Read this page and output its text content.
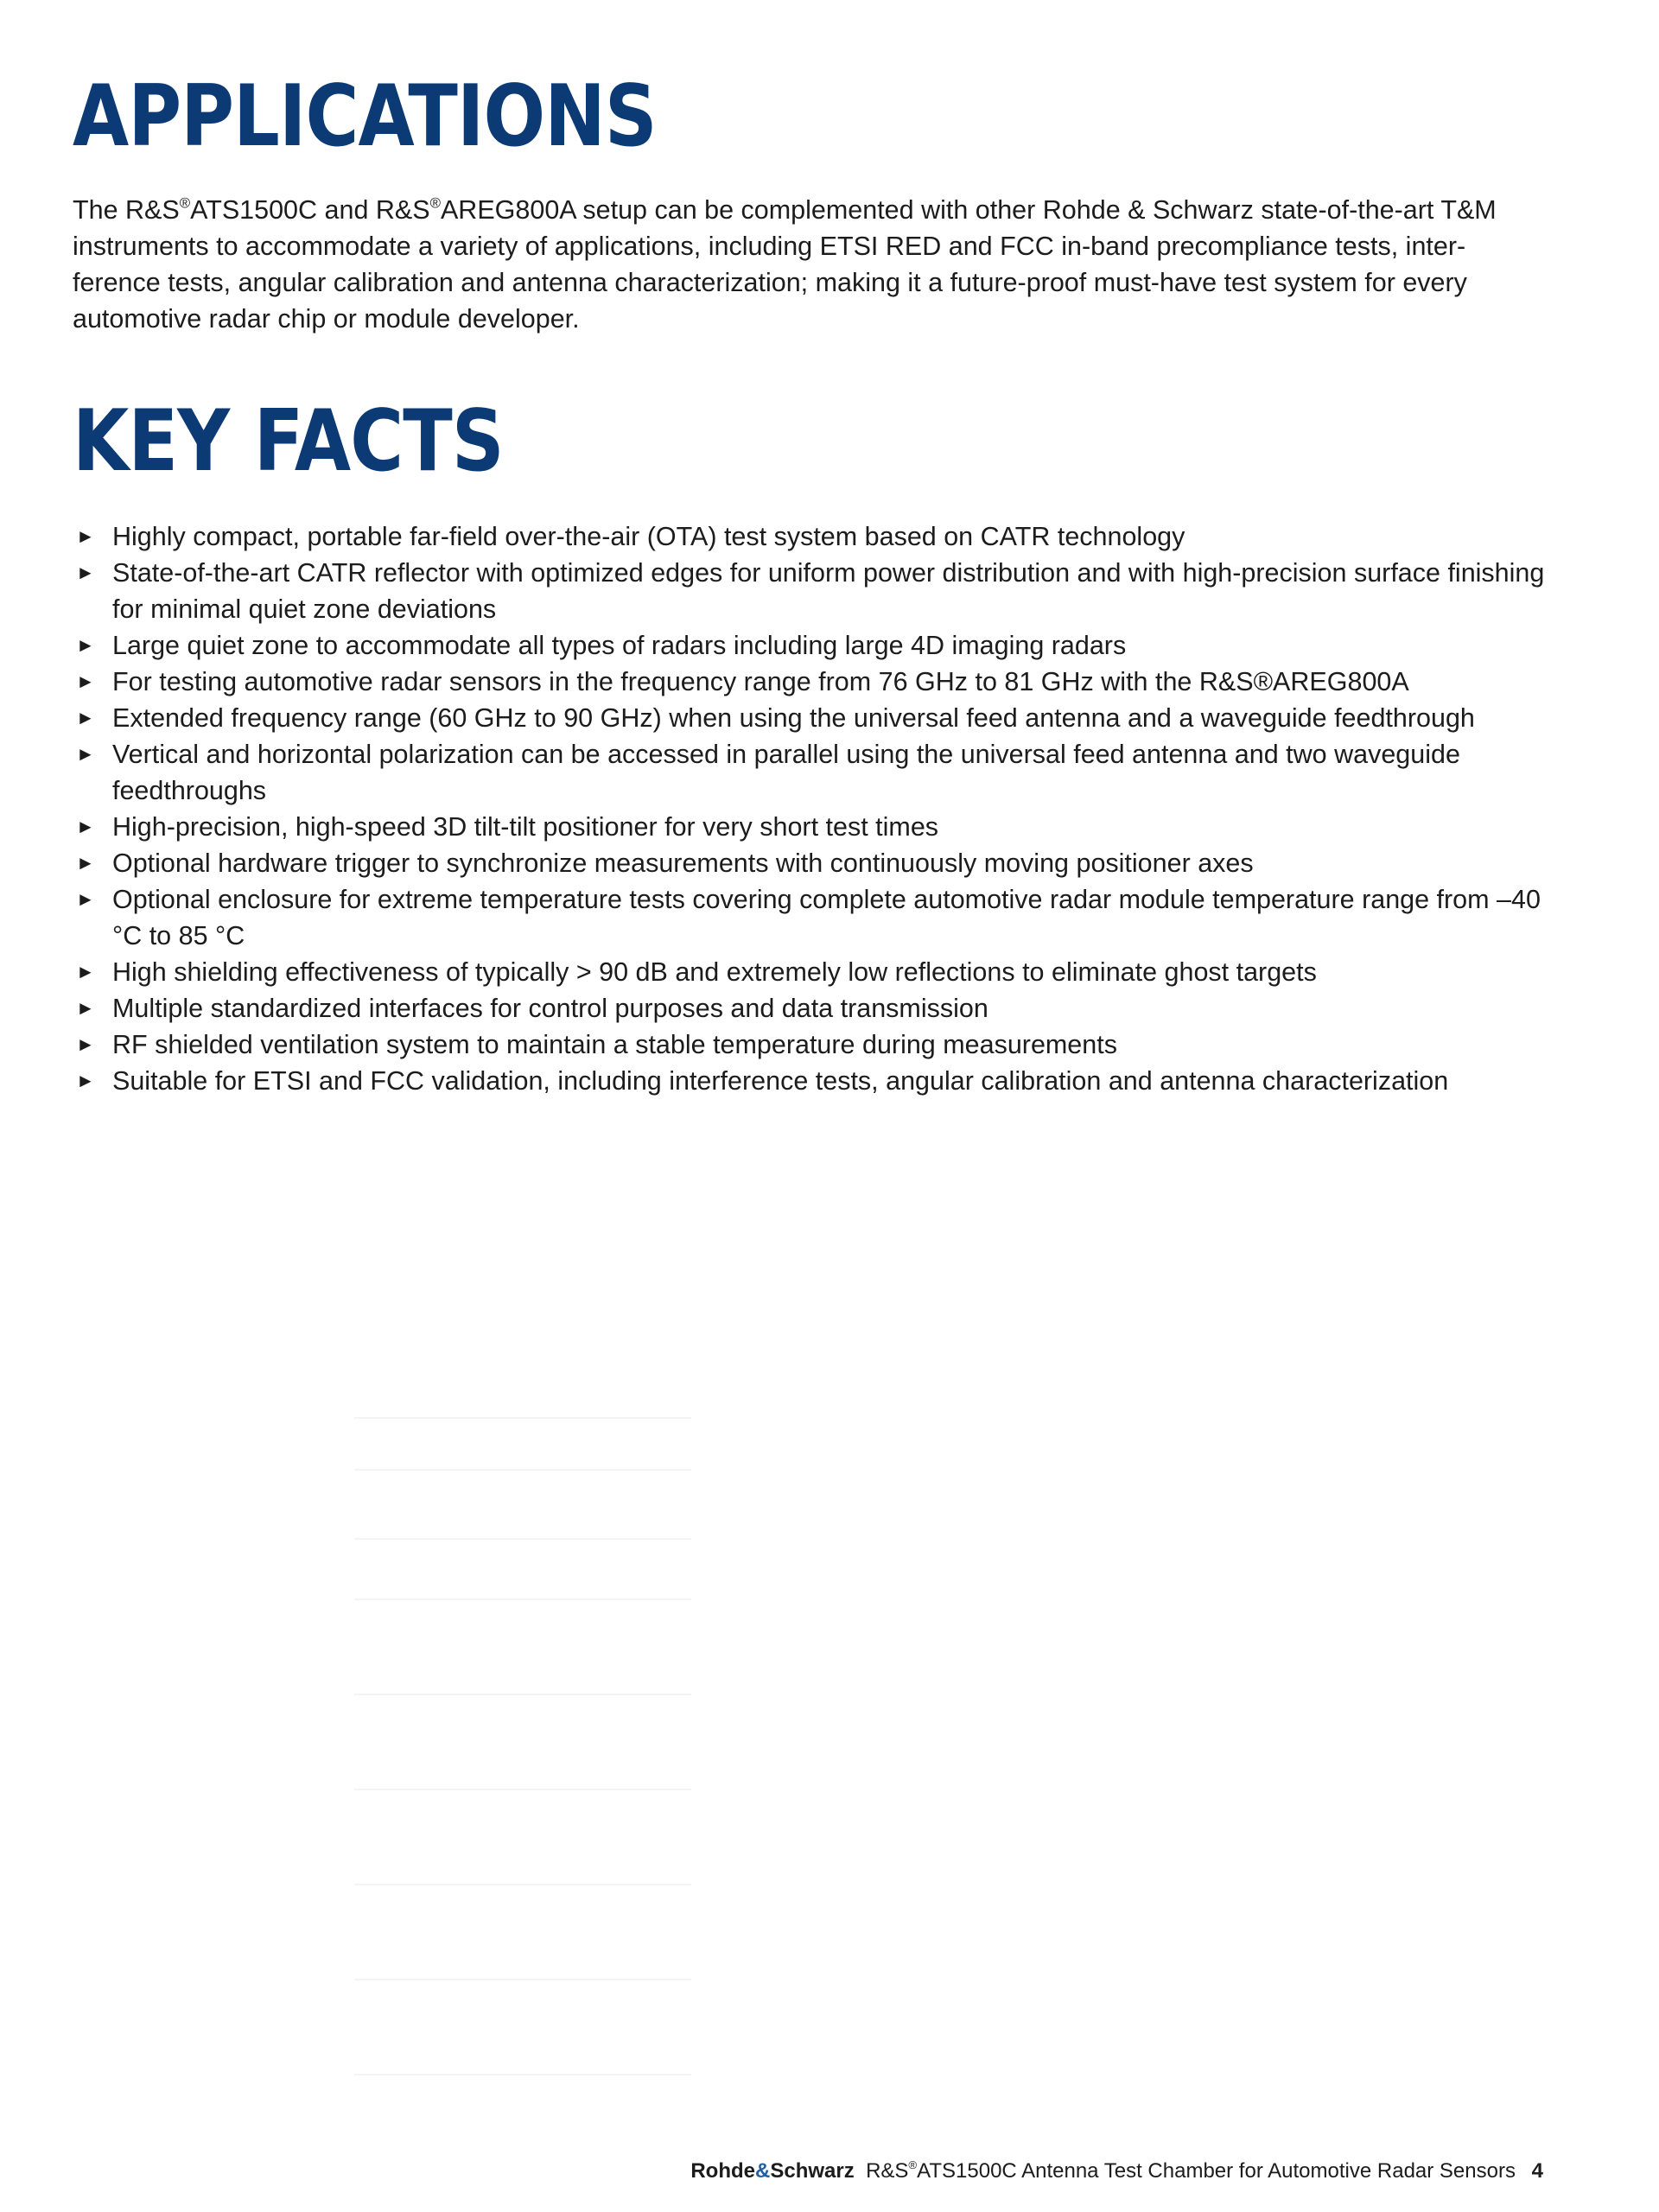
APPLICATIONS

The R&S®ATS1500C and R&S®AREG800A setup can be complemented with other Rohde & Schwarz state-of-the-art T&M
instruments to accommodate a variety of applications, including ETSI RED and FCC in-band precompliance tests, inter-
ference tests, angular calibration and antenna characterization; making it a future-proof must-have test system for every
automotive radar chip or module developer.

KEY FACTS
► Highly compact, portable far-field over-the-air (OTA) test system based on CATR technology
► State-of-the-art CATR reflector with optimized edges for uniform power distribution and with high-precision surface finishing for minimal quiet zone deviations
► Large quiet zone to accommodate all types of radars including large 4D imaging radars
► For testing automotive radar sensors in the frequency range from 76 GHz to 81 GHz with the R&S®AREG800A
► Extended frequency range (60 GHz to 90 GHz) when using the universal feed antenna and a waveguide feedthrough
► Vertical and horizontal polarization can be accessed in parallel using the universal feed antenna and two waveguide feedthroughs
► High-precision, high-speed 3D tilt-tilt positioner for very short test times
► Optional hardware trigger to synchronize measurements with continuously moving positioner axes
► Optional enclosure for extreme temperature tests covering complete automotive radar module temperature range from –40 °C to 85 °C
► High shielding effectiveness of typically > 90 dB and extremely low reflections to eliminate ghost targets
► Multiple standardized interfaces for control purposes and data transmission
► RF shielded ventilation system to maintain a stable temperature during measurements
► Suitable for ETSI and FCC validation, including interference tests, angular calibration and antenna characterization
Rohde&Schwarz R&S®ATS1500C Antenna Test Chamber for Automotive Radar Sensors 4
